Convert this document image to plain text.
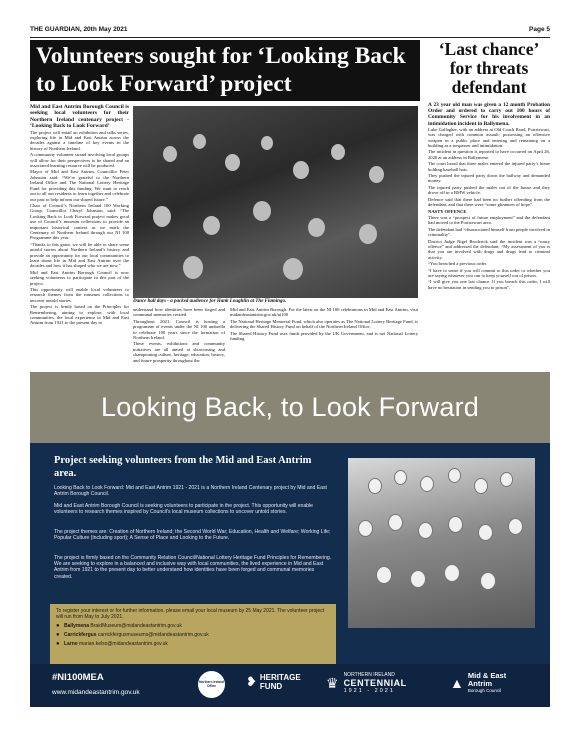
THE GUARDIAN, 20th May 2021	Page 5
Volunteers sought for ‘Looking Back to Look Forward’ project
Mid and East Antrim Borough Council is seeking local volunteers for their Northern Ireland centenary project - ‘Looking Back to Look Forward’

The project will entail an exhibition and talks series, exploring life in Mid and East Antrim across the decades against a timeline of key events in the history of Northern Ireland.

A community volunteer strand involving local groups will allow for their perspectives to be shared and an associated learning resource will be produced.

Mayor of Mid and East Antrim, Councillor Peter Johnston said: “We’re grateful to the Northern Ireland Office and The National Lottery Heritage Fund for providing this funding. We want to reach out to all our residents to learn together and celebrate our past to help inform our shared future.”

Chair of Council’s Northern Ireland 100 Working Group, Councillor Cheryl Johnston, said: “The Looking Back to Look Forward project makes good use of Council’s museum collections to provide an important historical context as we mark the Centenary of Northern Ireland through our NI 100 Programme this year.

“Thanks to this grant, we will be able to share some untold stories about Northern Ireland’s history and provide an opportunity for our local communities to learn about life in Mid and East Antrim over the decades and how it has shaped who we are now.”

Mid and East Antrim Borough Council is now seeking volunteers to participate in this part of the project.

This opportunity will enable local volunteers to research themes from the museum collections to uncover untold stories.

The project is firmly based on the Principles for Remembering, aiming to explore, with local communities, the local experience in Mid and East Antrim from 1921 to the present day to

Dance hall days - a packed audience for Hank Loughlin at The Flamingo.

understand how identities have been forged and communal memories created.

Throughout 2021, Council is hosting a programme of events under the NI 100 umbrella to celebrate 100 years since the formation of Northern Ireland.

These events, exhibitions and community initiatives are all aimed at showcasing and championing culture, heritage, education, history, and future prosperity throughout the

Mid and East Antrim Borough. For the latest on the NI 100 celebrations in Mid and East Antrim, visit midandeastantrim.gov.uk/ni100

The National Heritage Memorial Fund, which also operates as The National Lottery Heritage Fund, is delivering the Shared History Fund on behalf of the Northern Ireland Office.

The Shared History Fund uses funds provided by the UK Government, and is not National Lottery funding.

‘Last chance’ for threats defendant
A 23 year old man was given a 12 month Probation Order and ordered to carry out 100 hours of Community Service for his involvement in an intimidation incident in Ballymena.

Luke Gallagher, with an address at Old Coach Road, Portstewart, was charged with common assault, possessing an offensive weapon in a public place and entering and remaining on a building as a trespasser and intimidation.

The incident in question is reported to have occurred on April 26, 2020 at an address in Ballymena.

The court heard that three males entered the injured party’s home holding baseball bats.

They pushed the injured party down the hallway and demanded money.

The injured party pushed the males out of the house and they drove off in a BMW vehicle.

Defence said that there had been no further offending from the defendant, and that there were “some glimmers of hope”.

NASTY OFFENCE

There was a “prospect of future employment” and the defendant had moved to the Portstewart area.

The defendant had “disassociated himself from people involved in criminality”.

District Judge Nigel Broderick said the incident was a “nasty offence” and addressed the defendant: “My assessment of you is that you are involved with drugs and drugs lead to criminal activity.

“You breached a previous order.

“I have to sense if you will commit to this order or whether you are saying whatever you can to keep yourself out of prison.

“I will give you one last chance. If you breach this order, I will have no hesitation in sending you to prison”.

Looking Back, to Look Forward
Project seeking volunteers from the Mid and East Antrim area.
Looking Back to Look Forward: Mid and East Antrim 1921 - 2021 is a Northern Ireland Centenary project by Mid and East Antrim Borough Council.
Mid and East Antrim Borough Council is seeking volunteers to participate in the project. This opportunity will enable volunteers to research themes inspired by Council’s local museum collections to uncover untold stories.
The project themes are: Creation of Northern Ireland; the Second World War; Education, Health and Welfare; Working Life; Popular Culture (including sport); A Sense of Place and Looking to the Future.
The project is firmly based on the Community Relation Council/National Lottery Heritage Fund Principles for Remembering. We are seeking to explore in a balanced and inclusive way with local communities, the lived experience in Mid and East Antrim from 1921 to the present day to better understand how identities have been forged and communal memories created.
To register your interest or for further information, please email your local museum by 25 May 2021. The volunteer project will run from May to July 2021.
● Ballymena
BraidMuseum@midandeastantrim.gov.uk
● Carrickfergus
carrickfergusmuseums@midandeastantrim.gov.uk
● Larne
marian.kelso@midandeastantrim.gov.uk
#NI100MEA
www.midandeastantrim.gov.uk
Northern Ireland Office	❥ HERITAGE
FUND	♛ NORTHERN IRELAND
CENTENNIAL
1921 - 2021	▲ Mid & East
Antrim
Borough Council
